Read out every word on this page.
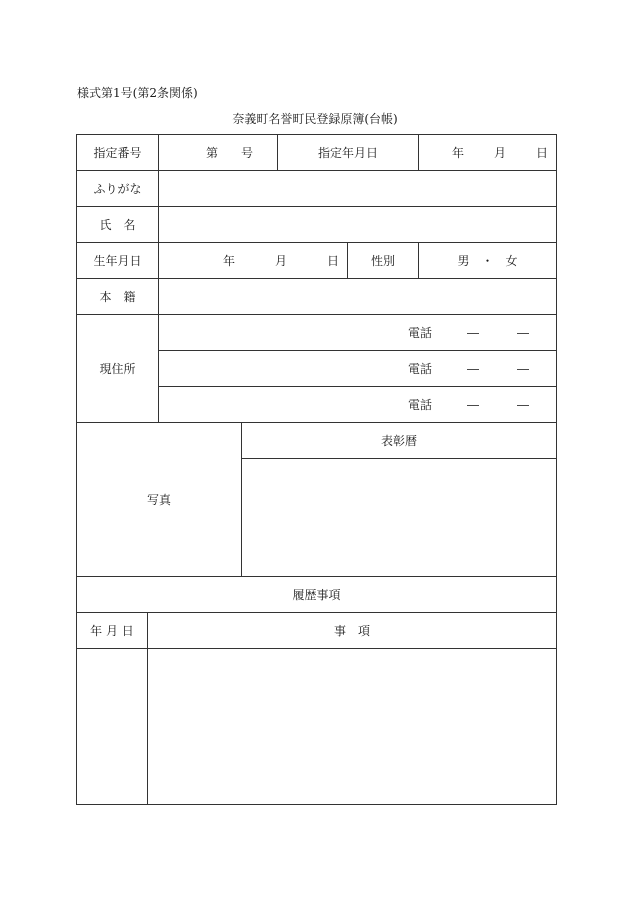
様式第1号(第2条関係)
奈義町名誉町民登録原簿(台帳)
指定番号		第 号		指定年月日		年 月 日
ふりがな						
氏　名						
生年月日		年 月 日			性別	男　・　女
本　籍						
現住所		電話 ― ―				
		電話 ― ―				
		電話 ― ―				
写真			表彰暦			

履歴事項						
年 月 日	事　項					
